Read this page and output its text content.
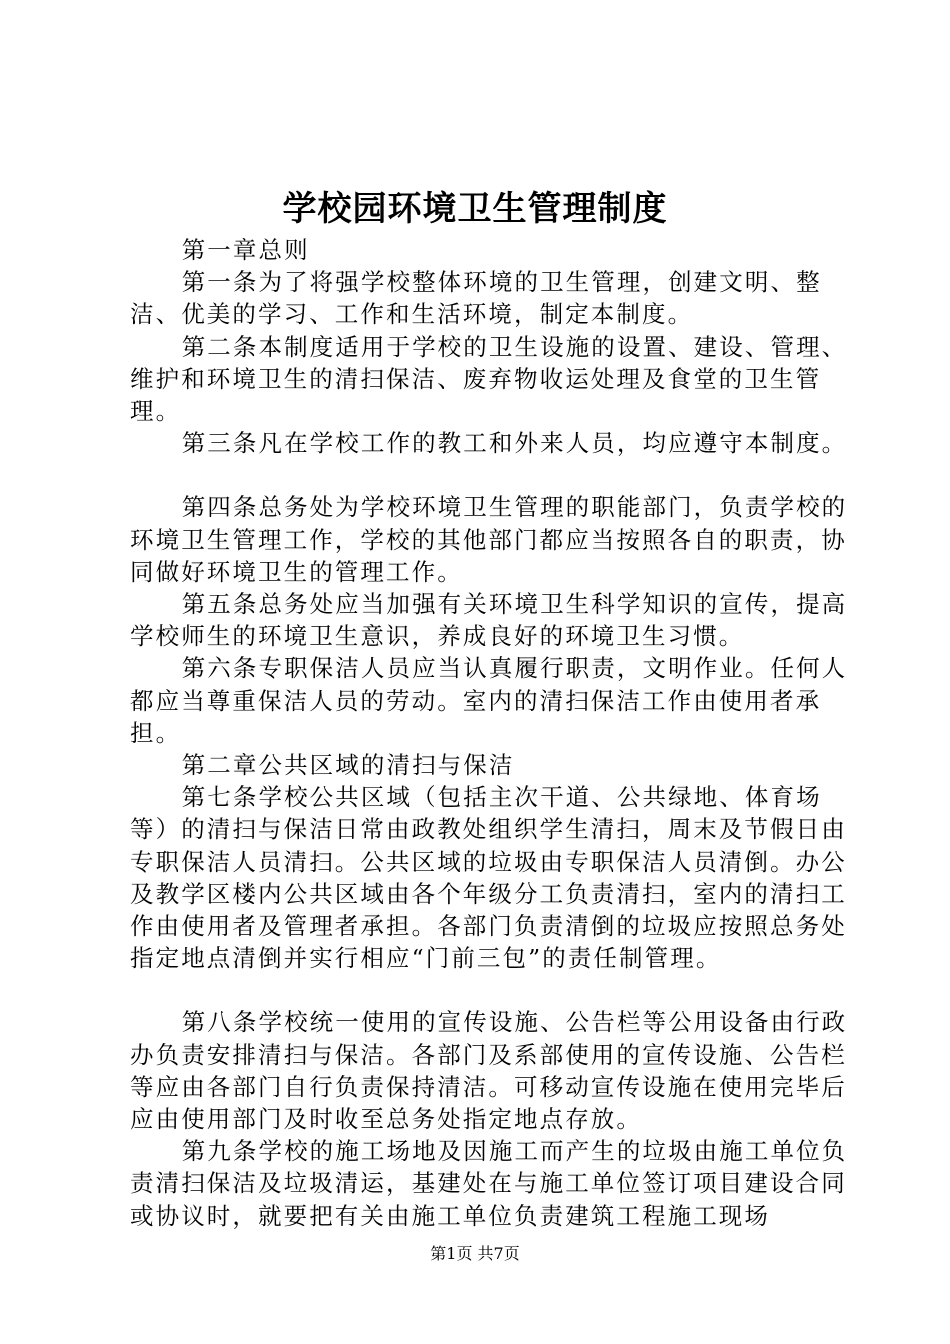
学校园环境卫生管理制度

第一章总则

第一条为了将强学校整体环境的卫生管理，创建文明、整洁、优美的学习、工作和生活环境，制定本制度。

第二条本制度适用于学校的卫生设施的设置、建设、管理、维护和环境卫生的清扫保洁、废弃物收运处理及食堂的卫生管理。

第三条凡在学校工作的教工和外来人员，均应遵守本制度。

第四条总务处为学校环境卫生管理的职能部门，负责学校的环境卫生管理工作，学校的其他部门都应当按照各自的职责，协同做好环境卫生的管理工作。

第五条总务处应当加强有关环境卫生科学知识的宣传，提高学校师生的环境卫生意识，养成良好的环境卫生习惯。

第六条专职保洁人员应当认真履行职责，文明作业。任何人都应当尊重保洁人员的劳动。室内的清扫保洁工作由使用者承担。

第二章公共区域的清扫与保洁

第七条学校公共区域（包括主次干道、公共绿地、体育场等）的清扫与保洁日常由政教处组织学生清扫，周末及节假日由专职保洁人员清扫。公共区域的垃圾由专职保洁人员清倒。办公及教学区楼内公共区域由各个年级分工负责清扫，室内的清扫工作由使用者及管理者承担。各部门负责清倒的垃圾应按照总务处指定地点清倒并实行相应“门前三包”的责任制管理。

第八条学校统一使用的宣传设施、公告栏等公用设备由行政办负责安排清扫与保洁。各部门及系部使用的宣传设施、公告栏等应由各部门自行负责保持清洁。可移动宣传设施在使用完毕后应由使用部门及时收至总务处指定地点存放。

第九条学校的施工场地及因施工而产生的垃圾由施工单位负责清扫保洁及垃圾清运，基建处在与施工单位签订项目建设合同或协议时，就要把有关由施工单位负责建筑工程施工现场

第1页 共7页
